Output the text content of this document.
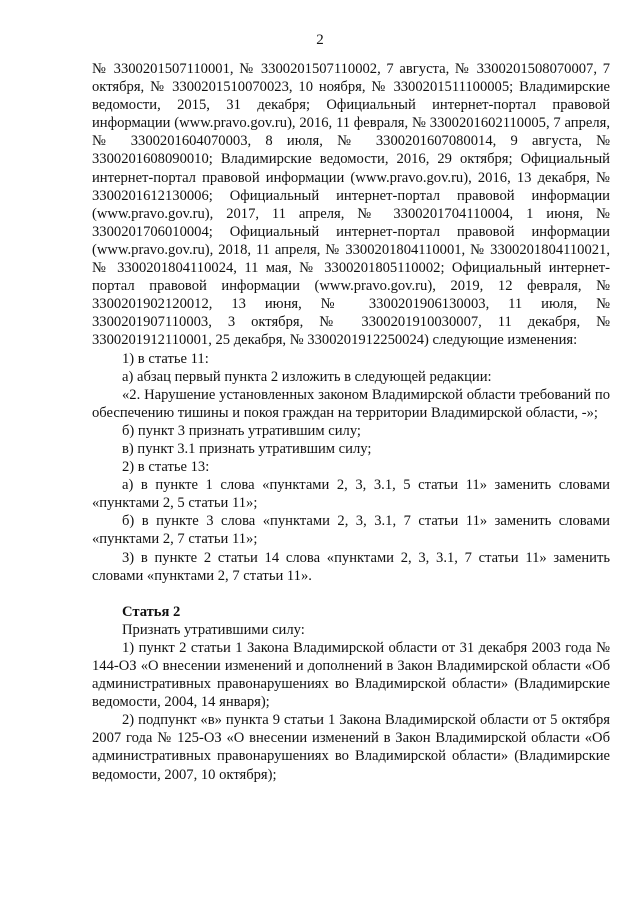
2

№ 3300201507110001, № 3300201507110002, 7 августа, № 3300201508070007, 7 октября, № 3300201510070023, 10 ноября, № 3300201511100005; Владимирские ведомости, 2015, 31 декабря; Официальный интернет-портал правовой информации (www.pravo.gov.ru), 2016, 11 февраля, № 3300201602110005, 7 апреля, № 3300201604070003, 8 июля, № 3300201607080014, 9 августа, № 3300201608090010; Владимирские ведомости, 2016, 29 октября; Официальный интернет-портал правовой информации (www.pravo.gov.ru), 2016, 13 декабря, № 3300201612130006; Официальный интернет-портал правовой информации (www.pravo.gov.ru), 2017, 11 апреля, № 3300201704110004, 1 июня, № 3300201706010004; Официальный интернет-портал правовой информации (www.pravo.gov.ru), 2018, 11 апреля, № 3300201804110001, № 3300201804110021, № 3300201804110024, 11 мая, № 3300201805110002; Официальный интернет-портал правовой информации (www.pravo.gov.ru), 2019, 12 февраля, № 3300201902120012, 13 июня, № 3300201906130003, 11 июля, № 3300201907110003, 3 октября, № 3300201910030007, 11 декабря, № 3300201912110001, 25 декабря, № 3300201912250024) следующие изменения:

1) в статье 11:

а) абзац первый пункта 2 изложить в следующей редакции:

«2. Нарушение установленных законом Владимирской области требований по обеспечению тишины и покоя граждан на территории Владимирской области, -»;

б) пункт 3 признать утратившим силу;

в) пункт 3.1 признать утратившим силу;

2) в статье 13:

а) в пункте 1 слова «пунктами 2, 3, 3.1, 5 статьи 11» заменить словами «пунктами 2, 5 статьи 11»;

б) в пункте 3 слова «пунктами 2, 3, 3.1, 7 статьи 11» заменить словами «пунктами 2, 7 статьи 11»;

3) в пункте 2 статьи 14 слова «пунктами 2, 3, 3.1, 7 статьи 11» заменить словами «пунктами 2, 7 статьи 11».

Статья 2

Признать утратившими силу:

1) пункт 2 статьи 1 Закона Владимирской области от 31 декабря 2003 года № 144-ОЗ «О внесении изменений и дополнений в Закон Владимирской области «Об административных правонарушениях во Владимирской области» (Владимирские ведомости, 2004, 14 января);

2) подпункт «в» пункта 9 статьи 1 Закона Владимирской области от 5 октября 2007 года № 125-ОЗ «О внесении изменений в Закон Владимирской области «Об административных правонарушениях во Владимирской области» (Владимирские ведомости, 2007, 10 октября);
